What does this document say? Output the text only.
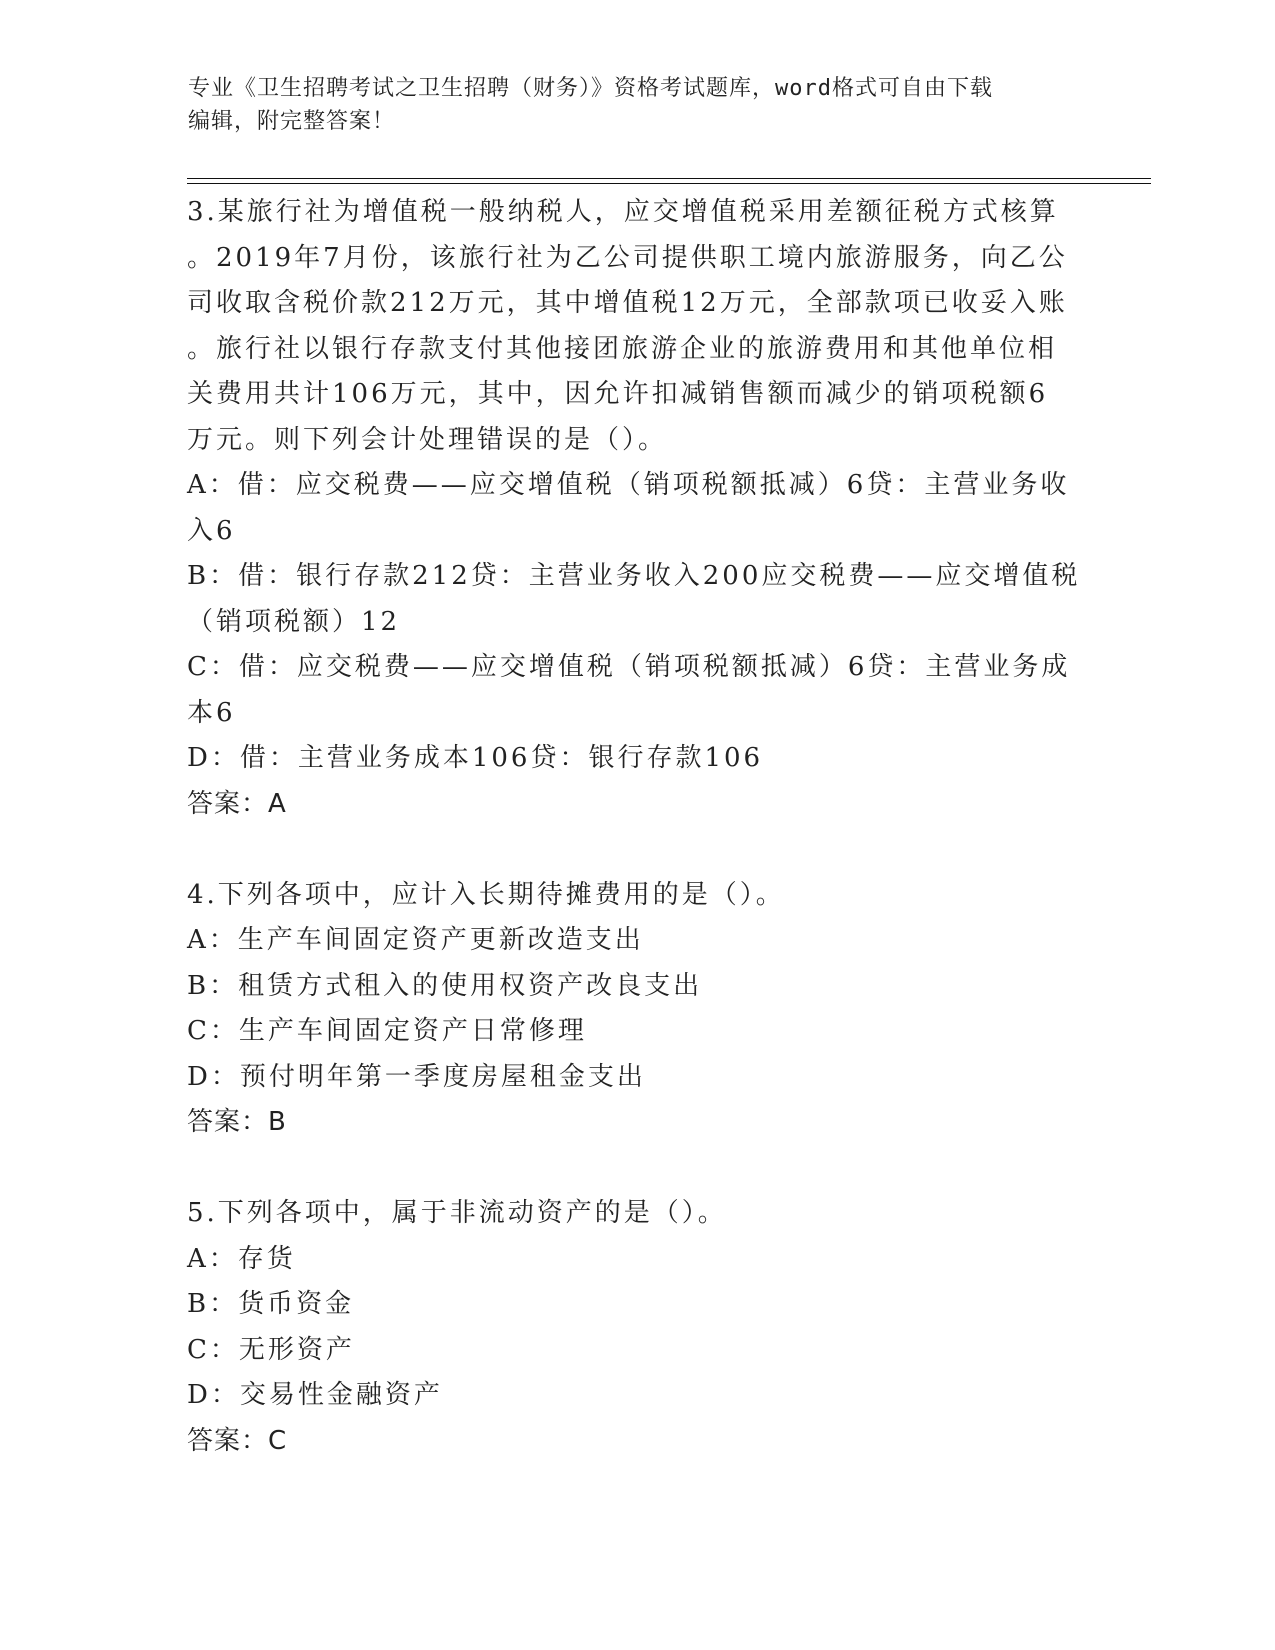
专业《卫生招聘考试之卫生招聘（财务）》资格考试题库，word格式可自由下载
编辑，附完整答案！
3.某旅行社为增值税一般纳税人，应交增值税采用差额征税方式核算
。2019年7月份，该旅行社为乙公司提供职工境内旅游服务，向乙公
司收取含税价款212万元，其中增值税12万元，全部款项已收妥入账
。旅行社以银行存款支付其他接团旅游企业的旅游费用和其他单位相
关费用共计106万元，其中，因允许扣减销售额而减少的销项税额6
万元。则下列会计处理错误的是（）。
A：借：应交税费——应交增值税（销项税额抵减）6贷：主营业务收
入6
B：借：银行存款212贷：主营业务收入200应交税费——应交增值税
（销项税额）12
C：借：应交税费——应交增值税（销项税额抵减）6贷：主营业务成
本6
D：借：主营业务成本106贷：银行存款106
答案：A
4.下列各项中，应计入长期待摊费用的是（）。
A：生产车间固定资产更新改造支出
B：租赁方式租入的使用权资产改良支出
C：生产车间固定资产日常修理
D：预付明年第一季度房屋租金支出
答案：B
5.下列各项中，属于非流动资产的是（）。
A：存货
B：货币资金
C：无形资产
D：交易性金融资产
答案：C
